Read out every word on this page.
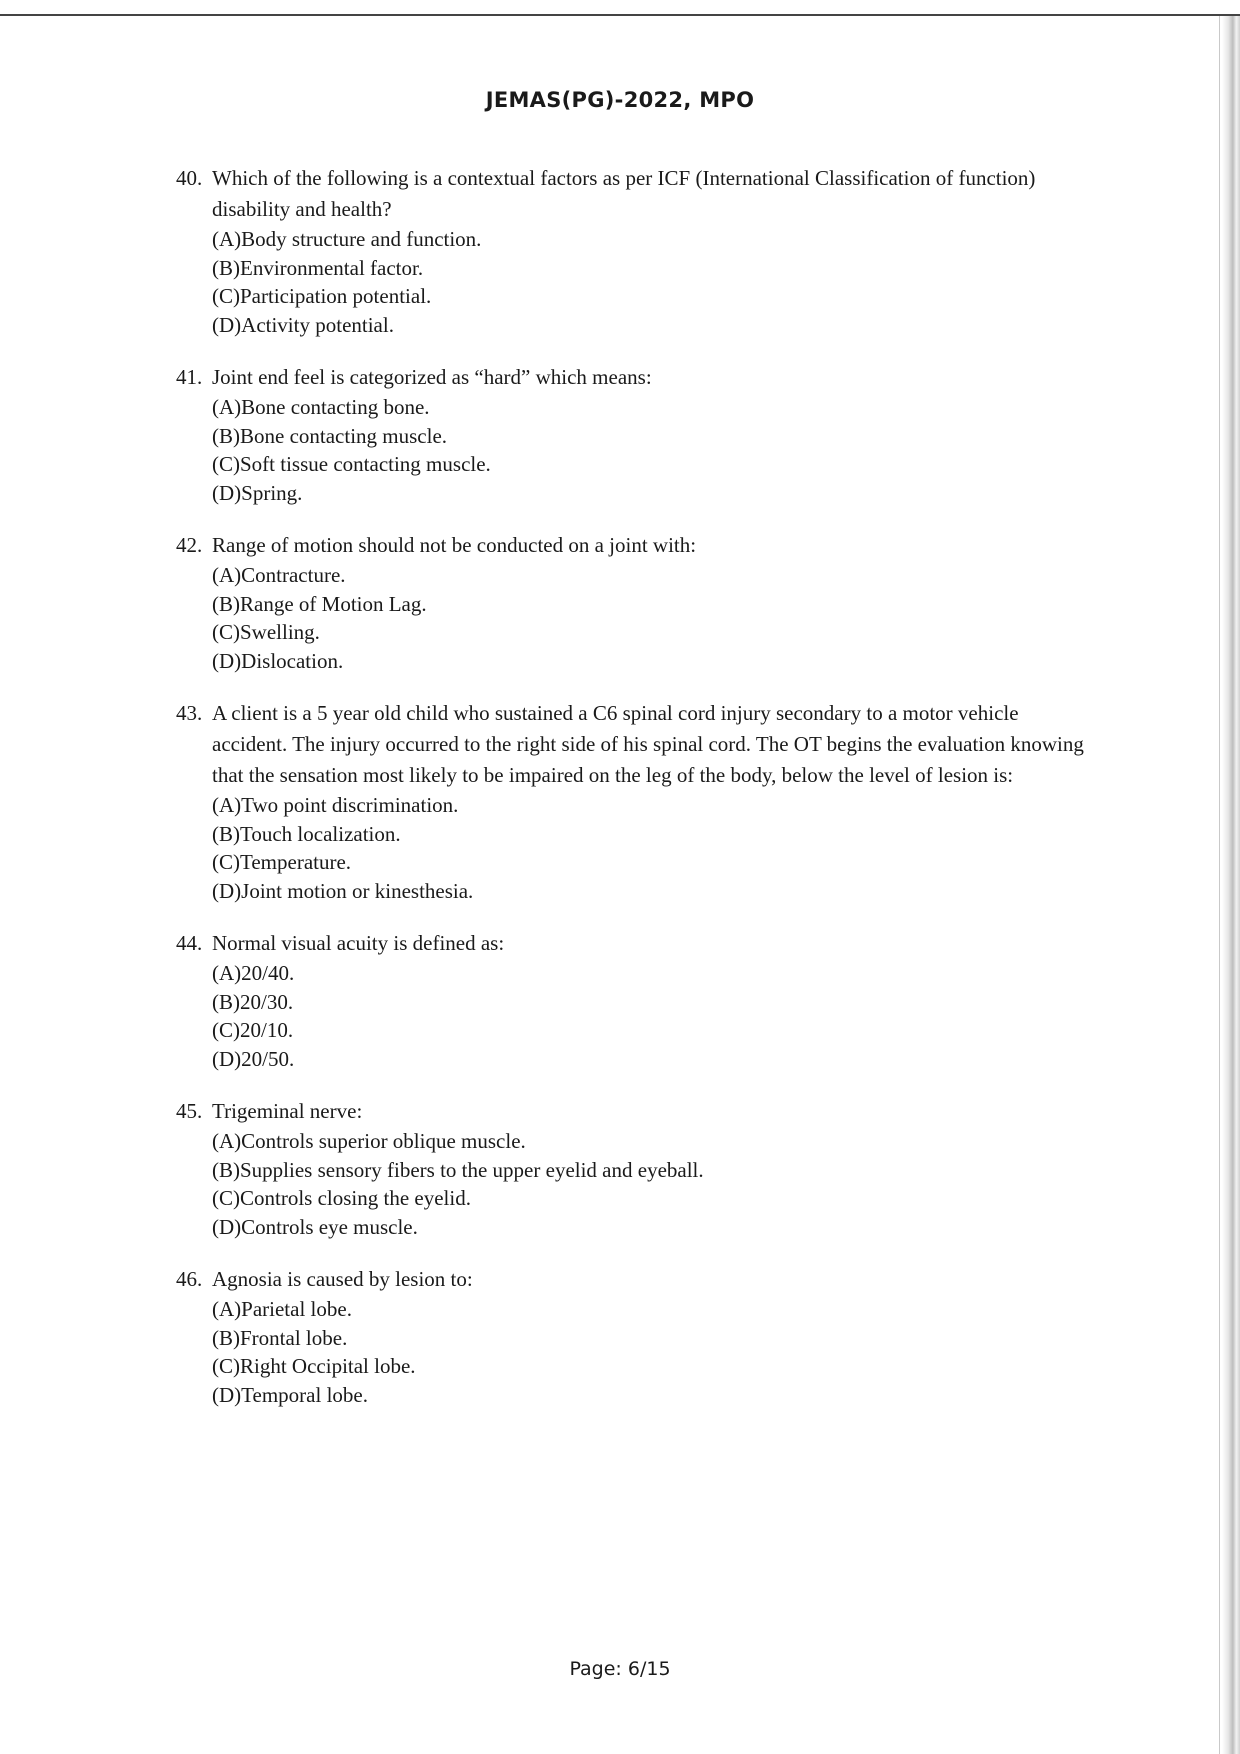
JEMAS(PG)-2022, MPO
40. Which of the following is a contextual factors as per ICF (International Classification of function) disability and health?
(A) Body structure and function.
(B) Environmental factor.
(C) Participation potential.
(D) Activity potential.
41. Joint end feel is categorized as “hard” which means:
(A) Bone contacting bone.
(B) Bone contacting muscle.
(C) Soft tissue contacting muscle.
(D) Spring.
42. Range of motion should not be conducted on a joint with:
(A) Contracture.
(B) Range of Motion Lag.
(C) Swelling.
(D) Dislocation.
43. A client is a 5 year old child who sustained a C6 spinal cord injury secondary to a motor vehicle accident. The injury occurred to the right side of his spinal cord. The OT begins the evaluation knowing that the sensation most likely to be impaired on the leg of the body, below the level of lesion is:
(A) Two point discrimination.
(B) Touch localization.
(C) Temperature.
(D) Joint motion or kinesthesia.
44. Normal visual acuity is defined as:
(A) 20/40.
(B) 20/30.
(C) 20/10.
(D) 20/50.
45. Trigeminal nerve:
(A) Controls superior oblique muscle.
(B) Supplies sensory fibers to the upper eyelid and eyeball.
(C) Controls closing the eyelid.
(D) Controls eye muscle.
46. Agnosia is caused by lesion to:
(A) Parietal lobe.
(B) Frontal lobe.
(C) Right Occipital lobe.
(D) Temporal lobe.
Page: 6/15
